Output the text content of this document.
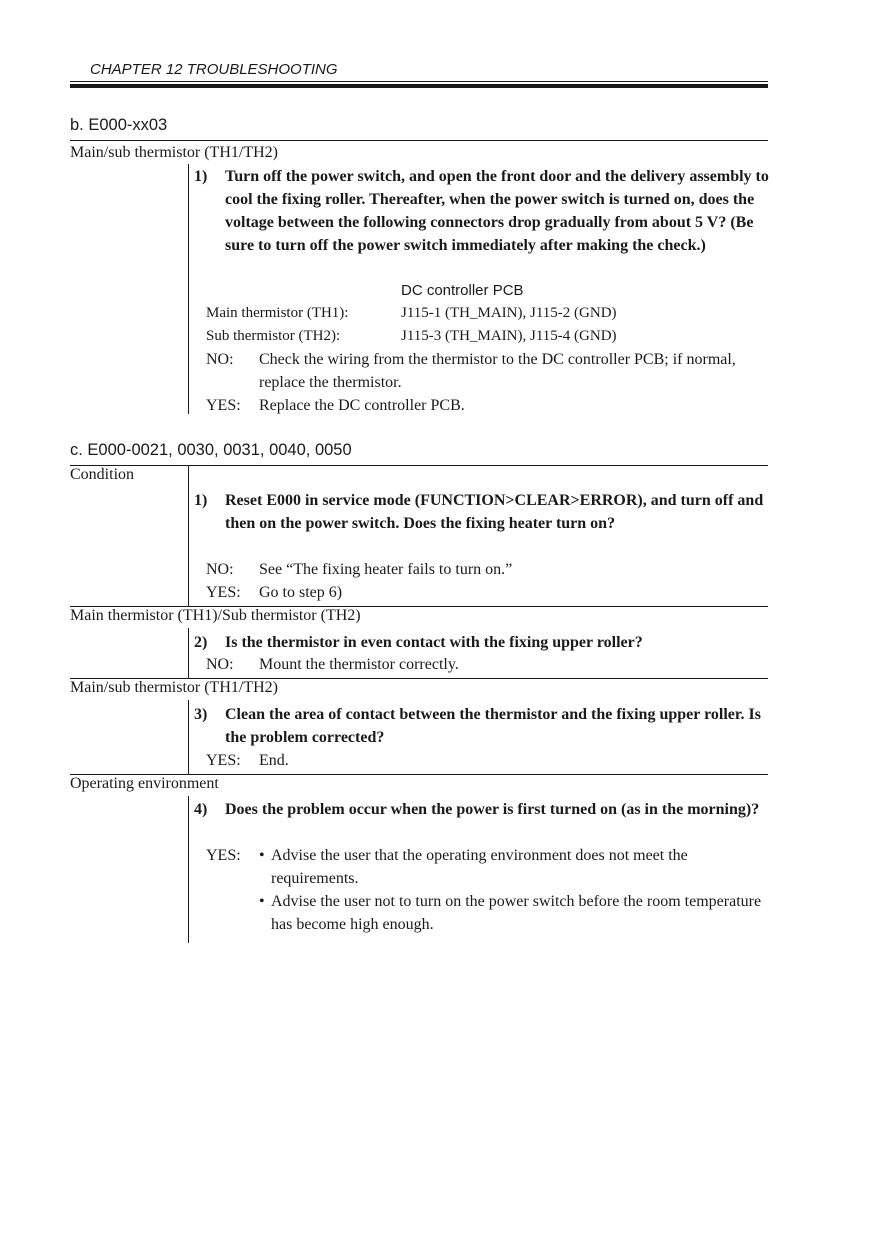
CHAPTER 12 TROUBLESHOOTING
b. E000-xx03
Main/sub thermistor (TH1/TH2)
1) Turn off the power switch, and open the front door and the delivery assembly to cool the fixing roller. Thereafter, when the power switch is turned on, does the voltage between the following connectors drop gradually from about 5 V? (Be sure to turn off the power switch immediately after making the check.)
DC controller PCB
Main thermistor (TH1):	J115-1 (TH_MAIN), J115-2 (GND)
Sub thermistor (TH2):	J115-3 (TH_MAIN), J115-4 (GND)
NO: Check the wiring from the thermistor to the DC controller PCB; if normal, replace the thermistor.
YES: Replace the DC controller PCB.
c. E000-0021, 0030, 0031, 0040, 0050
Condition
1) Reset E000 in service mode (FUNCTION>CLEAR>ERROR), and turn off and then on the power switch. Does the fixing heater turn on?
NO: See “The fixing heater fails to turn on.”
YES: Go to step 6)
Main thermistor (TH1)/Sub thermistor (TH2)
2) Is the thermistor in even contact with the fixing upper roller?
NO: Mount the thermistor correctly.
Main/sub thermistor (TH1/TH2)
3) Clean the area of contact between the thermistor and the fixing upper roller. Is the problem corrected?
YES: End.
Operating environment
4) Does the problem occur when the power is first turned on (as in the morning)?
YES: • Advise the user that the operating environment does not meet the requirements.
• Advise the user not to turn on the power switch before the room temperature has become high enough.
